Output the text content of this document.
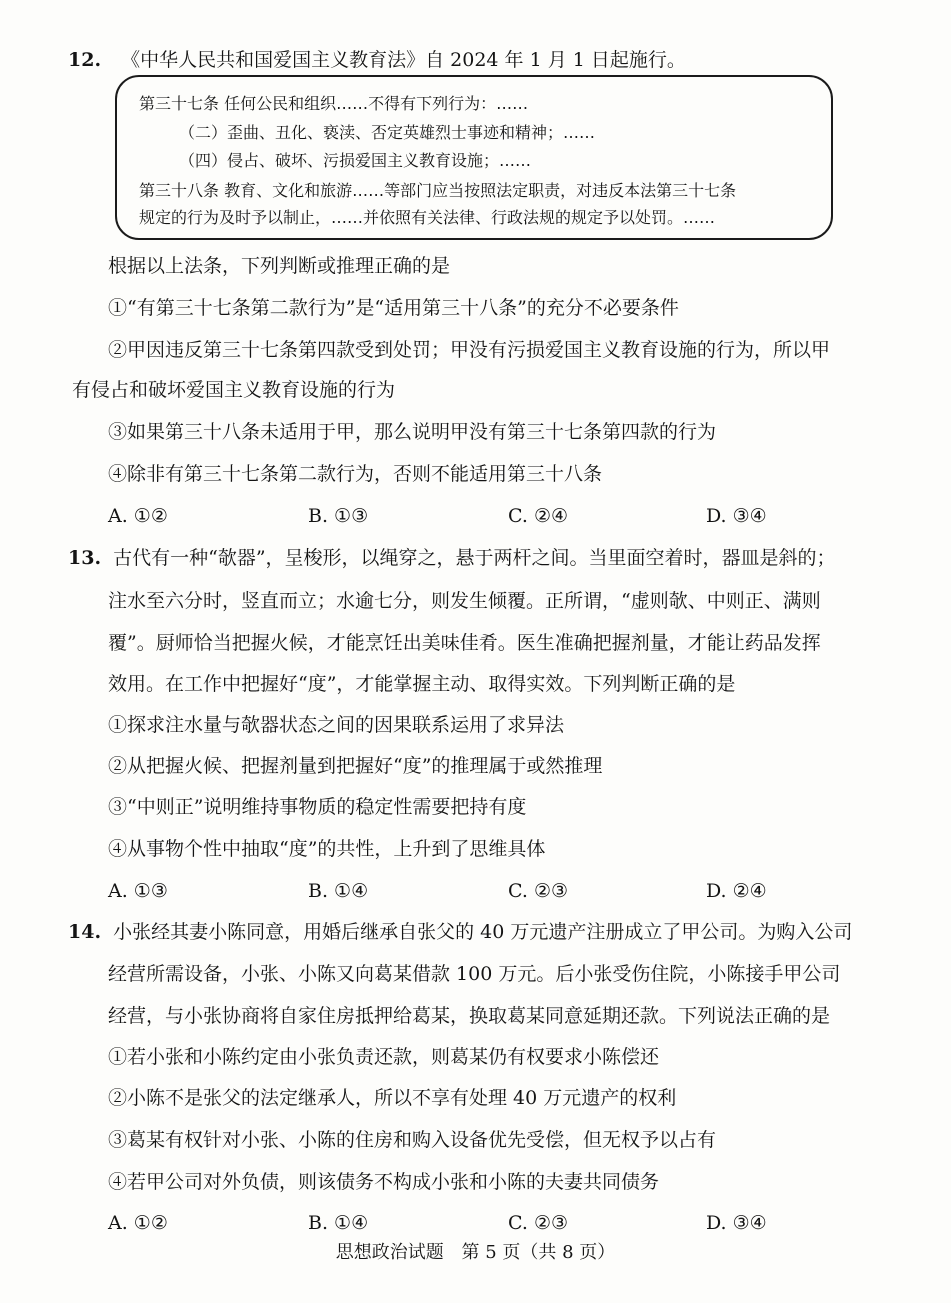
12. 《中华人民共和国爱国主义教育法》自 2024 年 1 月 1 日起施行。
第三十七条 任何公民和组织……不得有下列行为：……
（二）歪曲、丑化、亵渎、否定英雄烈士事迹和精神；……
（四）侵占、破坏、污损爱国主义教育设施；……
第三十八条 教育、文化和旅游……等部门应当按照法定职责，对违反本法第三十七条
规定的行为及时予以制止，……并依照有关法律、行政法规的规定予以处罚。……
根据以上法条，下列判断或推理正确的是
①“有第三十七条第二款行为”是“适用第三十八条”的充分不必要条件
②甲因违反第三十七条第四款受到处罚；甲没有污损爱国主义教育设施的行为，所以甲
有侵占和破坏爱国主义教育设施的行为
③如果第三十八条未适用于甲，那么说明甲没有第三十七条第四款的行为
④除非有第三十七条第二款行为，否则不能适用第三十八条
A. ①②	B. ①③	C. ②④	D. ③④
13. 古代有一种“欹器”，呈梭形，以绳穿之，悬于两杆之间。当里面空着时，器皿是斜的；
注水至六分时，竖直而立；水逾七分，则发生倾覆。正所谓，“虚则欹、中则正、满则
覆”。厨师恰当把握火候，才能烹饪出美味佳肴。医生准确把握剂量，才能让药品发挥
效用。在工作中把握好“度”，才能掌握主动、取得实效。下列判断正确的是
①探求注水量与欹器状态之间的因果联系运用了求异法
②从把握火候、把握剂量到把握好“度”的推理属于或然推理
③“中则正”说明维持事物质的稳定性需要把持有度
④从事物个性中抽取“度”的共性，上升到了思维具体
A. ①③	B. ①④	C. ②③	D. ②④
14. 小张经其妻小陈同意，用婚后继承自张父的 40 万元遗产注册成立了甲公司。为购入公司
经营所需设备，小张、小陈又向葛某借款 100 万元。后小张受伤住院，小陈接手甲公司
经营，与小张协商将自家住房抵押给葛某，换取葛某同意延期还款。下列说法正确的是
①若小张和小陈约定由小张负责还款，则葛某仍有权要求小陈偿还
②小陈不是张父的法定继承人，所以不享有处理 40 万元遗产的权利
③葛某有权针对小张、小陈的住房和购入设备优先受偿，但无权予以占有
④若甲公司对外负债，则该债务不构成小张和小陈的夫妻共同债务
A. ①②	B. ①④	C. ②③	D. ③④
思想政治试题 第 5 页（共 8 页）
